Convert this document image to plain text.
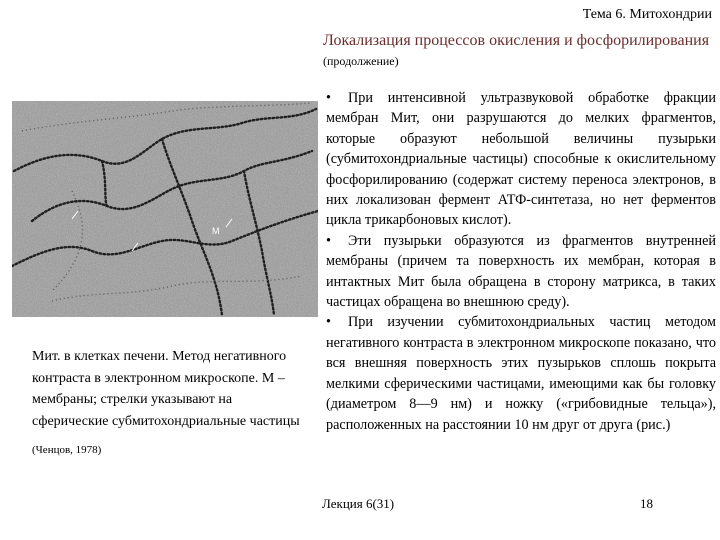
Тема 6. Митохондрии
Локализация процессов окисления и фосфорилирования (продолжение)
M
Мит. в клетках печени. Метод негативного контраста в электронном микроскопе. М – мембраны; стрелки указывают на сферические субмитохондриальные частицы
(Ченцов, 1978)
• При интенсивной ультразвуковой обработке фракции мембран Мит, они разрушаются до мелких фрагментов, которые образуют небольшой величины пузырьки (субмитохондриальные частицы) способные к окислительному фосфорилированию (содержат систему переноса электронов, в них локализован фермент АТФ-синтетаза, но нет ферментов цикла трикарбоновых кислот).
• Эти пузырьки образуются из фрагментов внутренней мембраны (причем та поверхность их мембран, которая в интактных Мит была обращена в сторону матрикса, в таких частицах обращена во внешнюю среду).
• При изучении субмитохондриальных частиц методом негативного контраста в электронном микроскопе показано, что вся внешняя поверхность этих пузырьков сплошь покрыта мелкими сферическими частицами, имеющими как бы головку (диаметром 8—9 нм) и ножку («грибовидные тельца»), расположенных на расстоянии 10 нм друг от друга (рис.)
Лекция 6(31)	18
